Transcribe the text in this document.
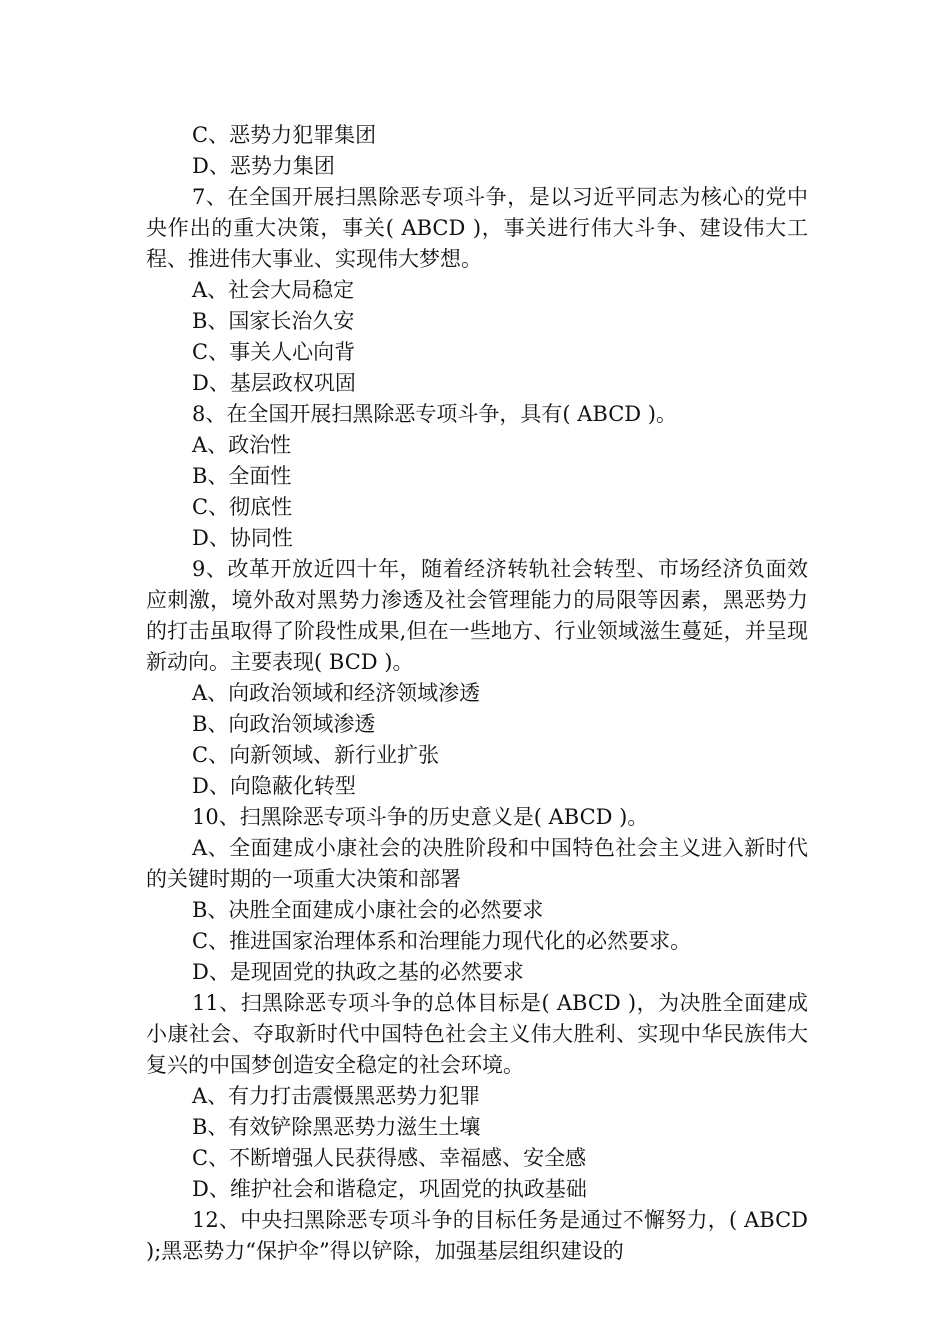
C、恶势力犯罪集团

D、恶势力集团

7、在全国开展扫黑除恶专项斗争，是以习近平同志为核心的党中央作出的重大决策，事关( ABCD )，事关进行伟大斗争、建设伟大工程、推进伟大事业、实现伟大梦想。

A、社会大局稳定

B、国家长治久安

C、事关人心向背

D、基层政权巩固

8、在全国开展扫黑除恶专项斗争，具有( ABCD )。

A、政治性

B、全面性

C、彻底性

D、协同性

9、改革开放近四十年，随着经济转轨社会转型、市场经济负面效应刺激，境外敌对黑势力渗透及社会管理能力的局限等因素，黑恶势力的打击虽取得了阶段性成果,但在一些地方、行业领域滋生蔓延，并呈现新动向。主要表现( BCD )。

A、向政治领域和经济领域渗透

B、向政治领域渗透

C、向新领域、新行业扩张

D、向隐蔽化转型

10、扫黑除恶专项斗争的历史意义是( ABCD )。

A、全面建成小康社会的决胜阶段和中国特色社会主义进入新时代的关键时期的一项重大决策和部署

B、决胜全面建成小康社会的必然要求

C、推进国家治理体系和治理能力现代化的必然要求。

D、是现固党的执政之基的必然要求

11、扫黑除恶专项斗争的总体目标是( ABCD )，为决胜全面建成小康社会、夺取新时代中国特色社会主义伟大胜利、实现中华民族伟大复兴的中国梦创造安全稳定的社会环境。

A、有力打击震慑黑恶势力犯罪

B、有效铲除黑恶势力滋生土壤

C、不断增强人民获得感、幸福感、安全感

D、维护社会和谐稳定，巩固党的执政基础

12、中央扫黑除恶专项斗争的目标任务是通过不懈努力，( ABCD );黑恶势力“保护伞”得以铲除，加强基层组织建设的
